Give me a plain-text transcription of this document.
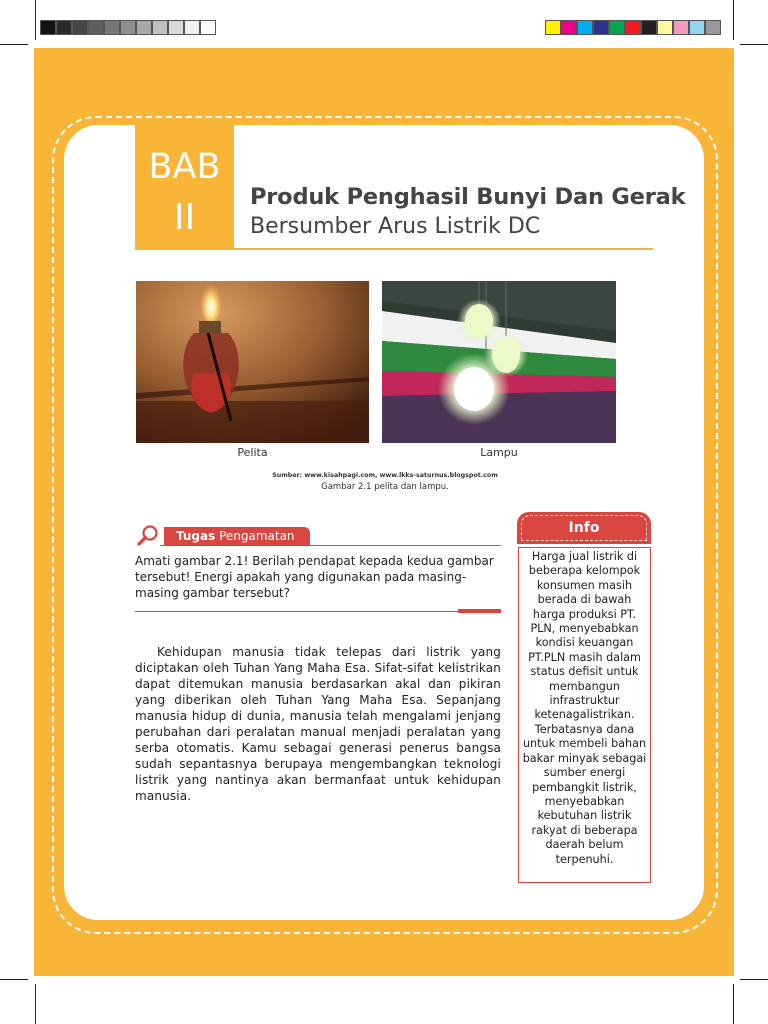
BAB
II	Produk Penghasil Bunyi Dan Gerak
Bersumber Arus Listrik DC
Pelita	Lampu
Sumber: www.kisahpagi.com, www.lkks-saturnus.blogspot.com
Gambar 2.1 pelita dan lampu.
Tugas Pengamatan
Amati gambar 2.1! Berilah pendapat kepada kedua gambar tersebut! Energi apakah yang digunakan pada masing-masing gambar tersebut?
Kehidupan manusia tidak telepas dari listrik yang diciptakan oleh Tuhan Yang Maha Esa. Sifat-sifat kelistrikan dapat ditemukan manusia berdasarkan akal dan pikiran yang diberikan oleh Tuhan Yang Maha Esa. Sepanjang manusia hidup di dunia, manusia telah mengalami jenjang perubahan dari peralatan manual menjadi peralatan yang serba otomatis. Kamu sebagai generasi penerus bangsa sudah sepantasnya berupaya mengembangkan teknologi listrik yang nantinya akan bermanfaat untuk kehidupan manusia.
Info
Harga jual listrik di beberapa kelompok konsumen masih berada di bawah harga produksi PT. PLN, menyebabkan kondisi keuangan PT.PLN masih dalam status defisit untuk membangun infrastruktur ketenagalistrikan. Terbatasnya dana untuk membeli bahan bakar minyak sebagai sumber energi pembangkit listrik, menyebabkan kebutuhan listrik rakyat di beberapa daerah belum terpenuhi.
